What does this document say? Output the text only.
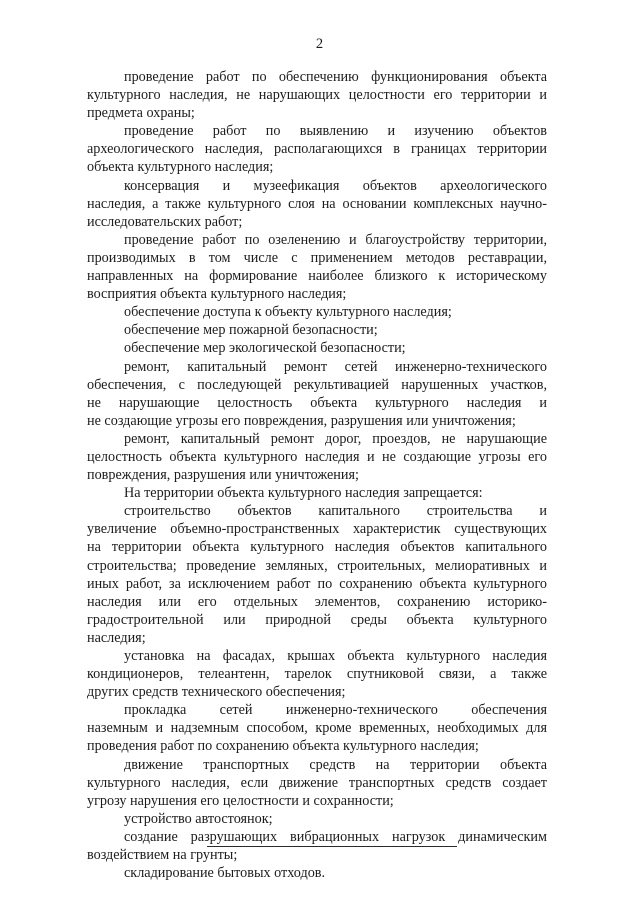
2
проведение работ по обеспечению функционирования объекта
культурного наследия, не нарушающих целостности его территории и
предмета охраны;
проведение работ по выявлению и изучению объектов
археологического наследия, располагающихся в границах территории
объекта культурного наследия;
консервация и музеефикация объектов археологического
наследия, а также культурного слоя на основании комплексных научно-
исследовательских работ;
проведение работ по озеленению и благоустройству территории,
производимых в том числе с применением методов реставрации,
направленных на формирование наиболее близкого к историческому
восприятия объекта культурного наследия;
обеспечение доступа к объекту культурного наследия;
обеспечение мер пожарной безопасности;
обеспечение мер экологической безопасности;
ремонт, капитальный ремонт сетей инженерно-технического
обеспечения, с последующей рекультивацией нарушенных участков,
не нарушающие целостность объекта культурного наследия и
не создающие угрозы его повреждения, разрушения или уничтожения;
ремонт, капитальный ремонт дорог, проездов, не нарушающие
целостность объекта культурного наследия и не создающие угрозы его
повреждения, разрушения или уничтожения;
На территории объекта культурного наследия запрещается:
строительство объектов капитального строительства и
увеличение объемно-пространственных характеристик существующих
на территории объекта культурного наследия объектов капитального
строительства; проведение земляных, строительных, мелиоративных и
иных работ, за исключением работ по сохранению объекта культурного
наследия или его отдельных элементов, сохранению историко-
градостроительной или природной среды объекта культурного
наследия;
установка на фасадах, крышах объекта культурного наследия
кондиционеров, телеантенн, тарелок спутниковой связи, а также
других средств технического обеспечения;
прокладка сетей инженерно-технического обеспечения
наземным и надземным способом, кроме временных, необходимых для
проведения работ по сохранению объекта культурного наследия;
движение транспортных средств на территории объекта
культурного наследия, если движение транспортных средств создает
угрозу нарушения его целостности и сохранности;
устройство автостоянок;
создание разрушающих вибрационных нагрузок динамическим
воздействием на грунты;
складирование бытовых отходов.
